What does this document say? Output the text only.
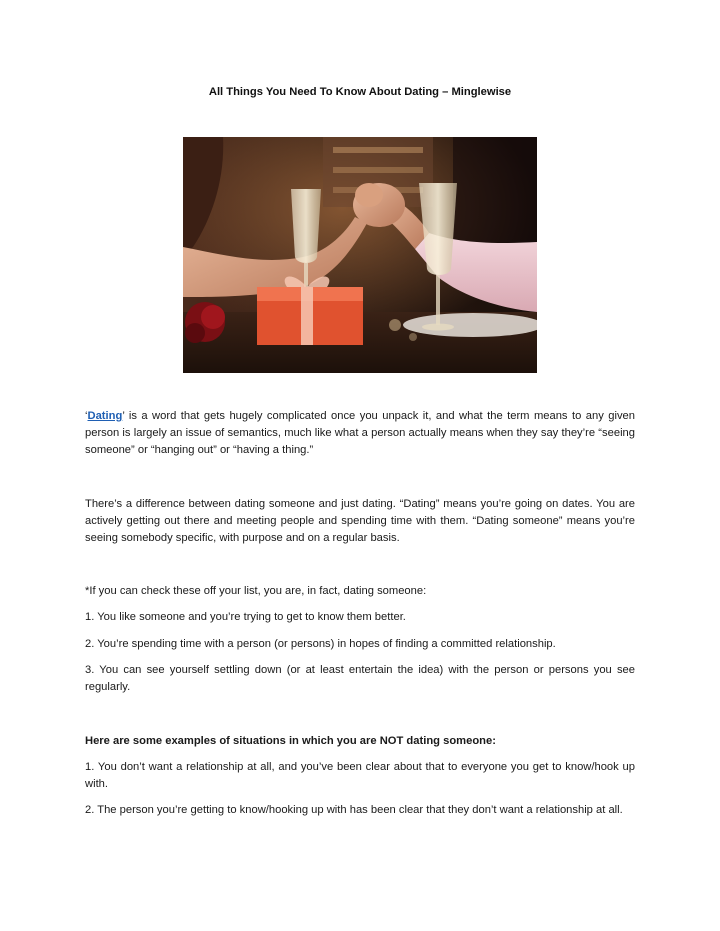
All Things You Need To Know About Dating – Minglewise

‘Dating’ is a word that gets hugely complicated once you unpack it, and what the term means to any given person is largely an issue of semantics, much like what a person actually means when they say they’re “seeing someone” or “hanging out” or “having a thing.”

There’s a difference between dating someone and just dating. “Dating” means you’re going on dates. You are actively getting out there and meeting people and spending time with them. “Dating someone” means you’re seeing somebody specific, with purpose and on a regular basis.

*If you can check these off your list, you are, in fact, dating someone:

1. You like someone and you’re trying to get to know them better.

2. You’re spending time with a person (or persons) in hopes of finding a committed relationship.

3. You can see yourself settling down (or at least entertain the idea) with the person or persons you see regularly.

Here are some examples of situations in which you are NOT dating someone:

1. You don’t want a relationship at all, and you’ve been clear about that to everyone you get to know/hook up with.

2. The person you’re getting to know/hooking up with has been clear that they don’t want a relationship at all.
